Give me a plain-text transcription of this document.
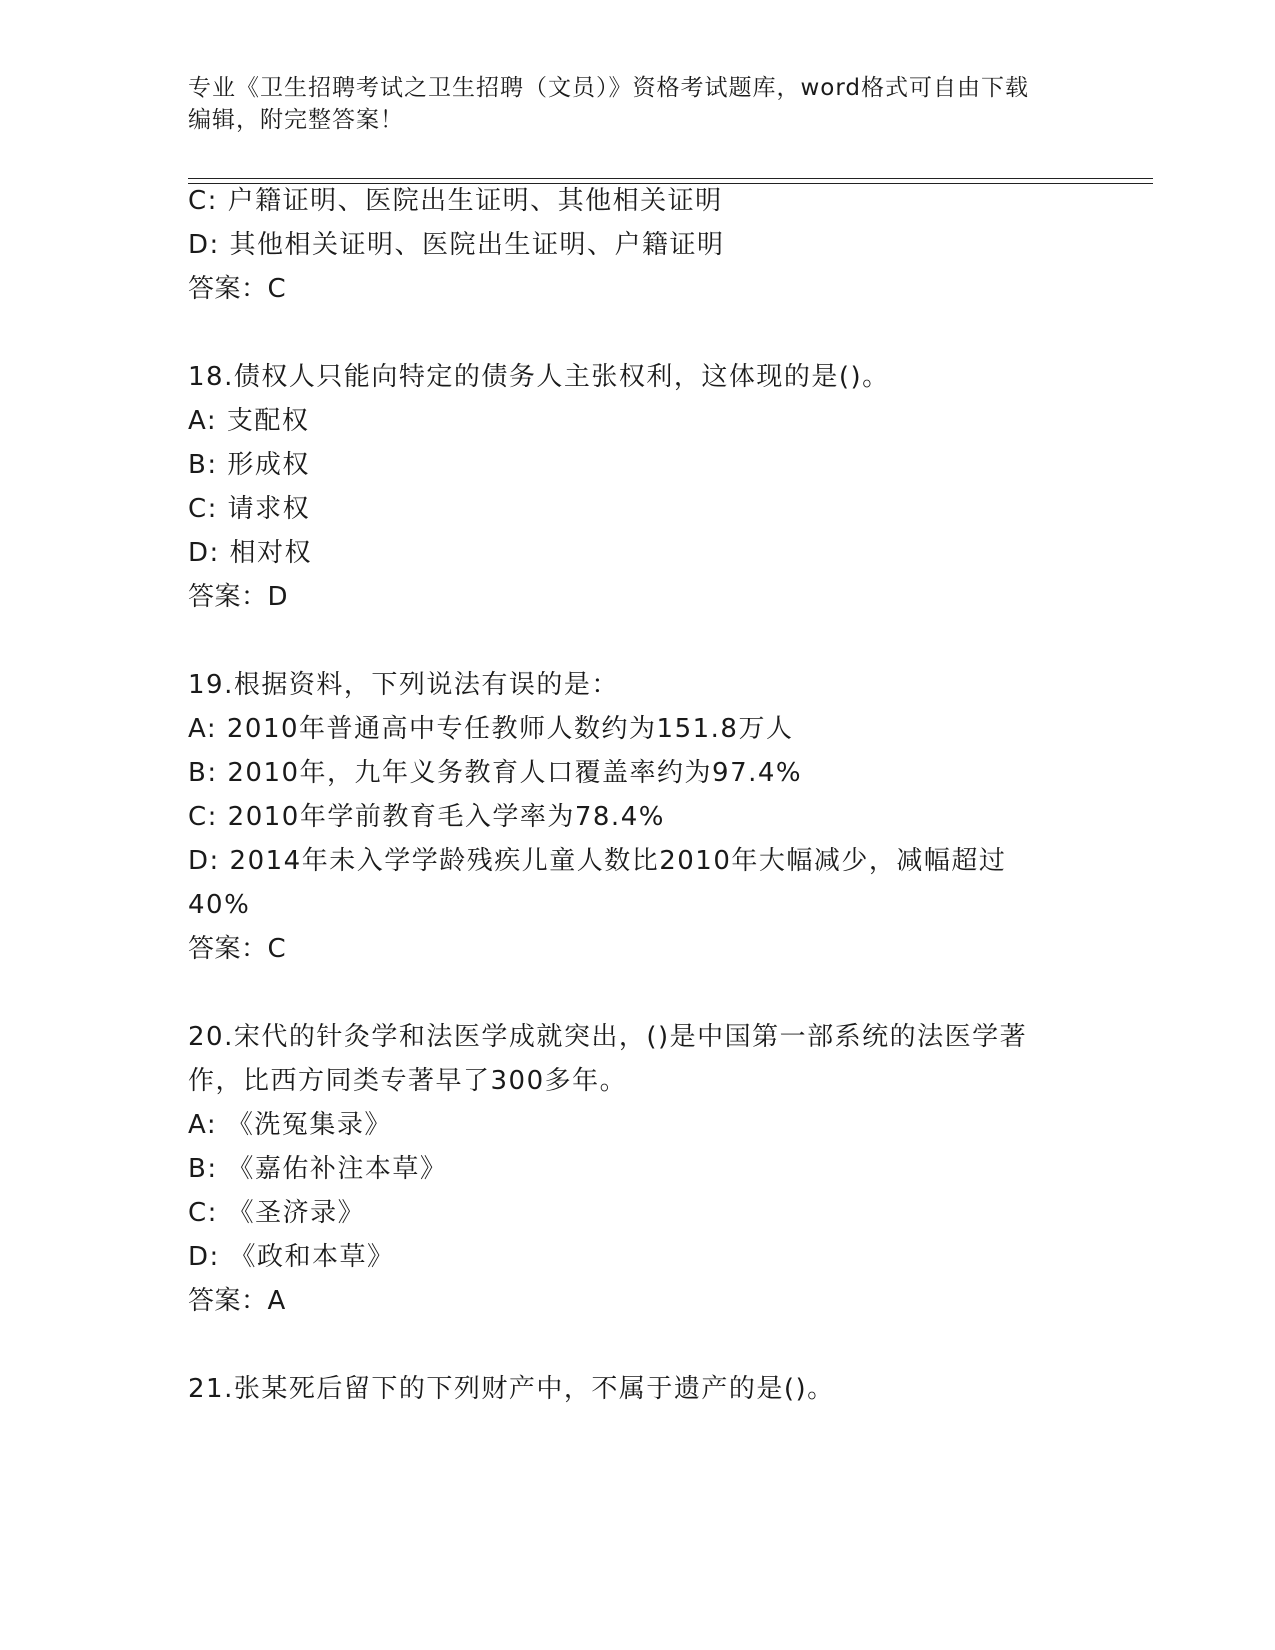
专业《卫生招聘考试之卫生招聘（文员）》资格考试题库，word格式可自由下载
编辑，附完整答案！
C: 户籍证明、医院出生证明、其他相关证明
D: 其他相关证明、医院出生证明、户籍证明
答案：C
18.债权人只能向特定的债务人主张权利，这体现的是()。
A: 支配权
B: 形成权
C: 请求权
D: 相对权
答案：D
19.根据资料，下列说法有误的是：
A: 2010年普通高中专任教师人数约为151.8万人
B: 2010年，九年义务教育人口覆盖率约为97.4%
C: 2010年学前教育毛入学率为78.4%
D: 2014年未入学学龄残疾儿童人数比2010年大幅减少，减幅超过
40%
答案：C
20.宋代的针灸学和法医学成就突出，()是中国第一部系统的法医学著
作，比西方同类专著早了300多年。
A: 《洗冤集录》
B: 《嘉佑补注本草》
C: 《圣济录》
D: 《政和本草》
答案：A
21.张某死后留下的下列财产中，不属于遗产的是()。
